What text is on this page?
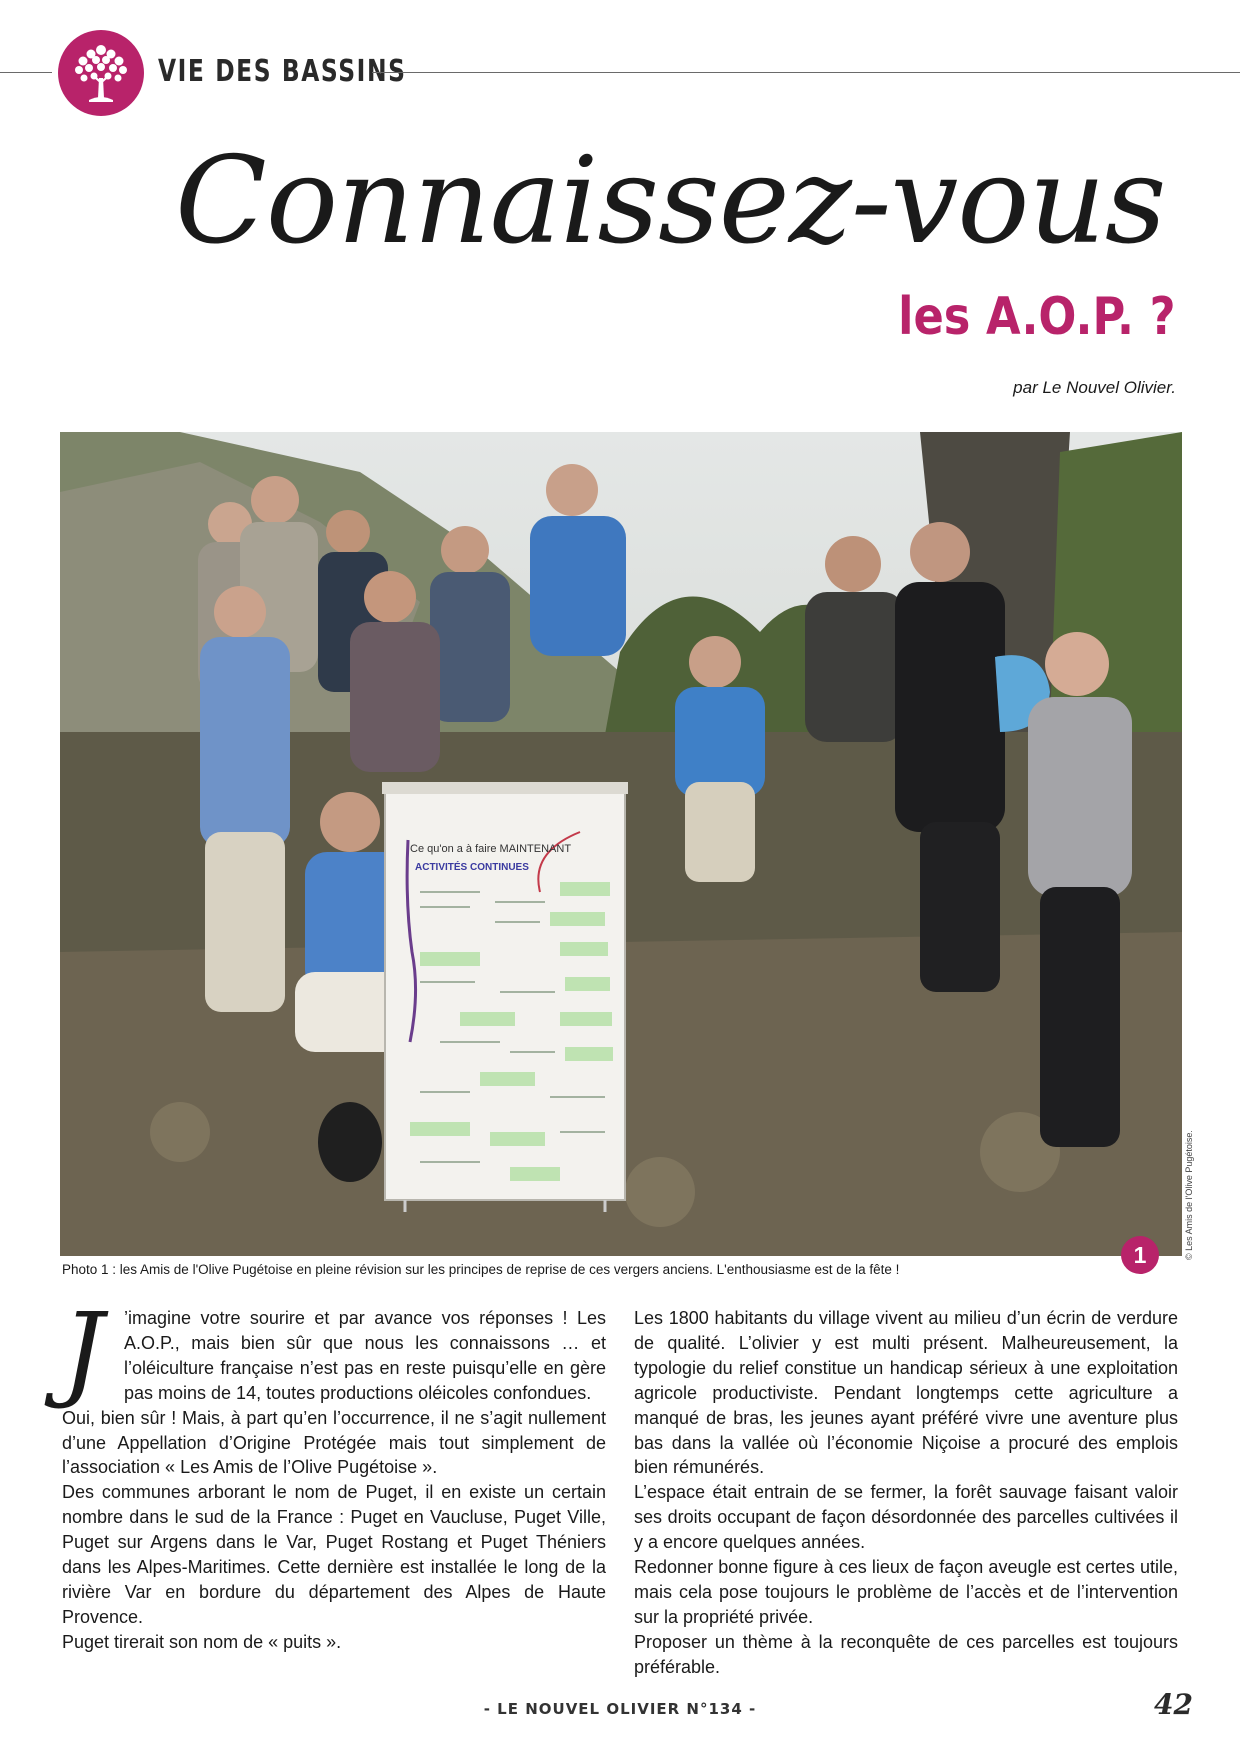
VIE DES BASSINS
Connaissez-vous
les A.O.P. ?
par Le Nouvel Olivier.
Ce qu'on a à faire MAINTENANT
ACTIVITÉS CONTINUES
© Les Amis de l'Olive Pugétoise.
1
Photo 1 : les Amis de l'Olive Pugétoise en pleine révision sur les principes de reprise de ces vergers anciens. L'enthousiasme est de la fête !
J	’imagine votre sourire et par avance vos réponses ! Les A.O.P., mais bien sûr que nous les connaissons … et l’oléiculture française n’est pas en reste puisqu’elle en gère pas moins de 14, toutes productions oléicoles confondues.

Oui, bien sûr ! Mais, à part qu’en l’occurrence, il ne s’agit nullement d’une Appellation d’Origine Protégée mais tout simplement de l’association « Les Amis de l’Olive Pugétoise ».

Des communes arborant le nom de Puget, il en existe un certain nombre dans le sud de la France : Puget en Vaucluse, Puget Ville, Puget sur Argens dans le Var, Puget Rostang et Puget Théniers dans les Alpes-Maritimes. Cette dernière est installée le long de la rivière Var en bordure du département des Alpes de Haute Provence.

Puget tirerait son nom de « puits ».

Les 1800 habitants du village vivent au milieu d’un écrin de verdure de qualité. L’olivier y est multi présent. Malheureusement, la typologie du relief constitue un handicap sérieux à une exploitation agricole productiviste. Pendant longtemps cette agriculture a manqué de bras, les jeunes ayant préféré vivre une aventure plus bas dans la vallée où l’économie Niçoise a procuré des emplois bien rémunérés.

L’espace était entrain de se fermer, la forêt sauvage faisant valoir ses droits occupant de façon désordonnée des parcelles cultivées il y a encore quelques années.

Redonner bonne figure à ces lieux de façon aveugle est certes utile, mais cela pose toujours le problème de l’accès et de l’intervention sur la propriété privée.

Proposer un thème à la reconquête de ces parcelles est toujours préférable.

- LE NOUVEL OLIVIER N°134 -	42
